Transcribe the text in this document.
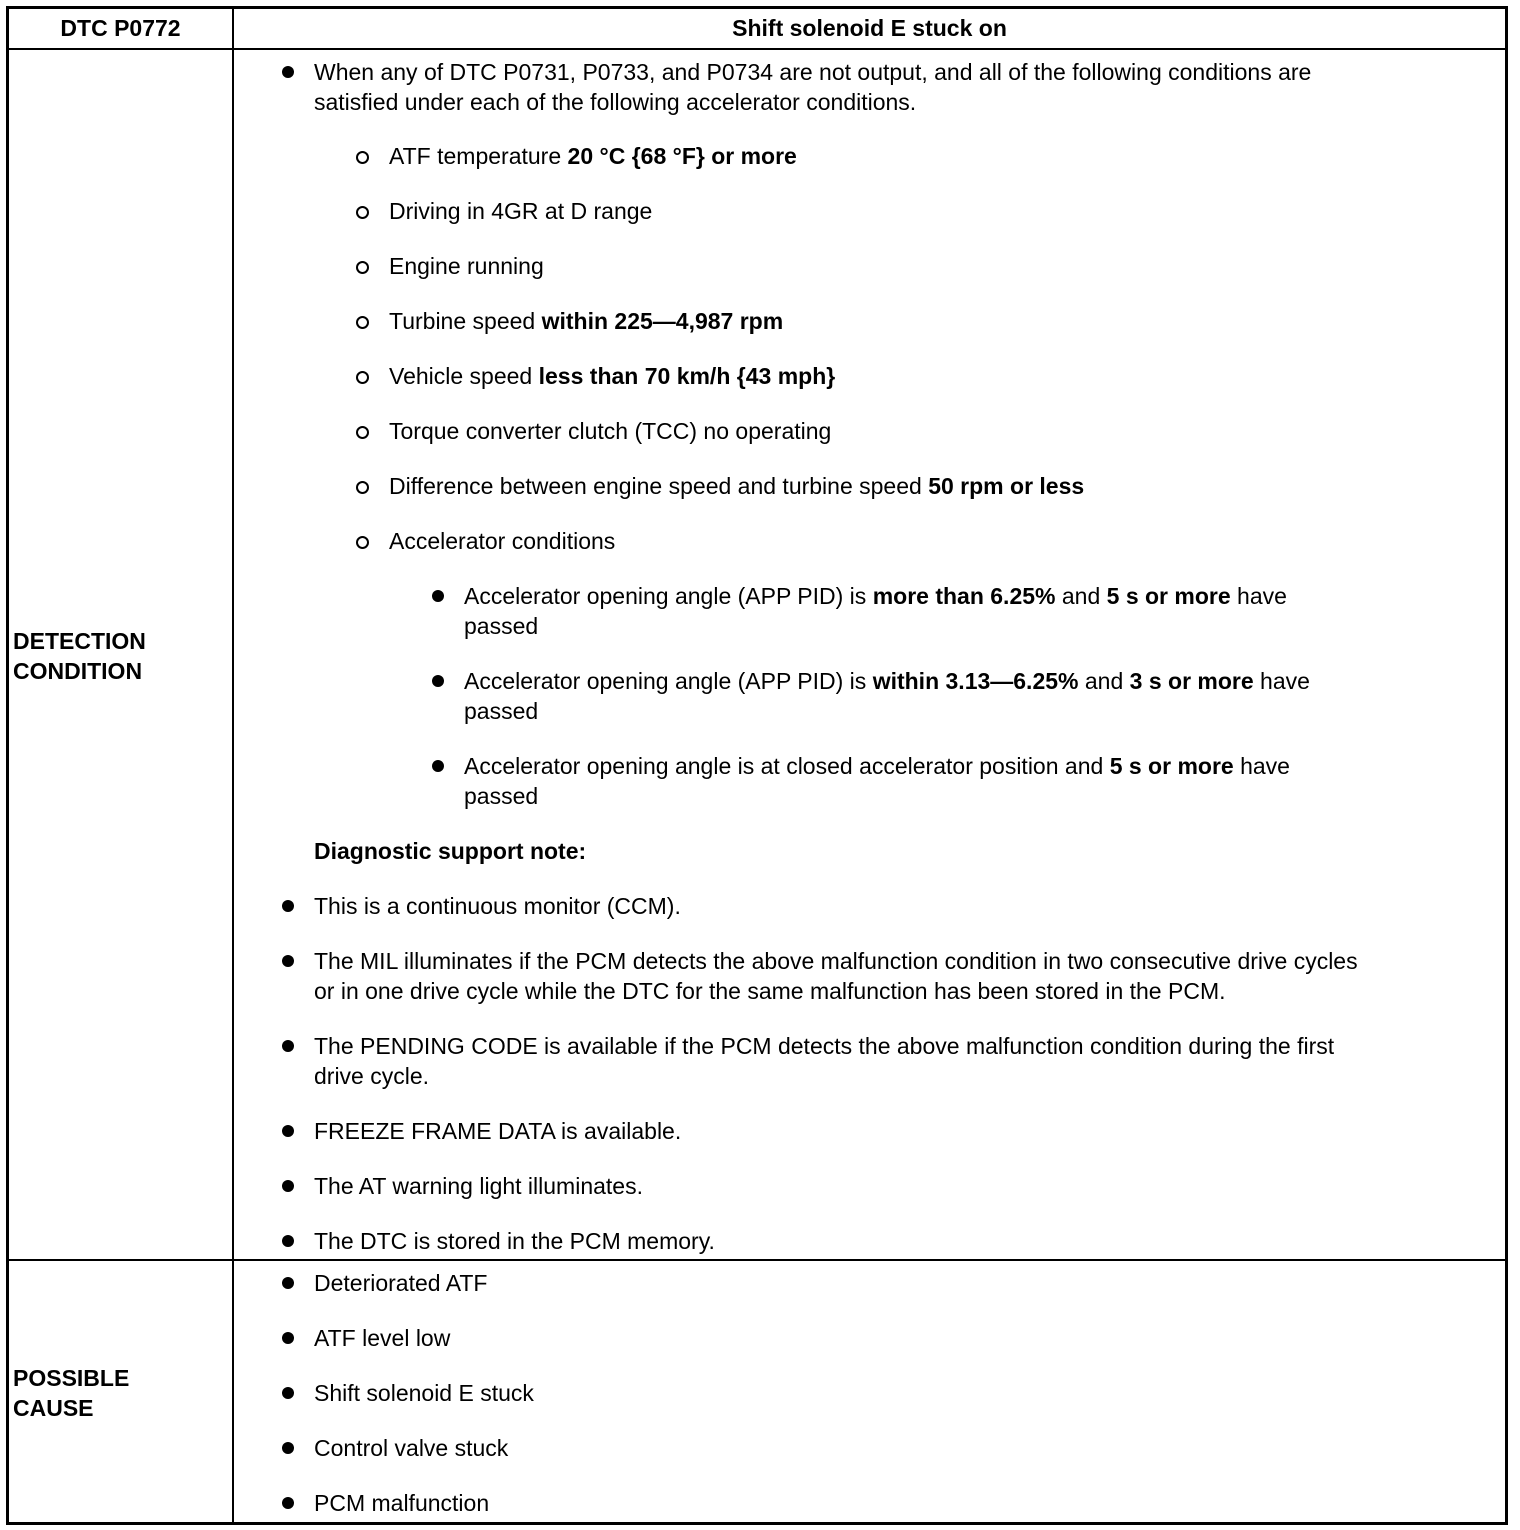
DTC P0772	Shift solenoid E stuck on
DETECTION
CONDITION
When any of DTC P0731, P0733, and P0734 are not output, and all of the following conditions are
satisfied under each of the following accelerator conditions.
ATF temperature 20 °C {68 °F} or more
Driving in 4GR at D range
Engine running
Turbine speed within 225—4,987 rpm
Vehicle speed less than 70 km/h {43 mph}
Torque converter clutch (TCC) no operating
Difference between engine speed and turbine speed 50 rpm or less
Accelerator conditions
Accelerator opening angle (APP PID) is more than 6.25% and 5 s or more have
passed
Accelerator opening angle (APP PID) is within 3.13—6.25% and 3 s or more have
passed
Accelerator opening angle is at closed accelerator position and 5 s or more have
passed
Diagnostic support note:
This is a continuous monitor (CCM).
The MIL illuminates if the PCM detects the above malfunction condition in two consecutive drive cycles
or in one drive cycle while the DTC for the same malfunction has been stored in the PCM.
The PENDING CODE is available if the PCM detects the above malfunction condition during the first
drive cycle.
FREEZE FRAME DATA is available.
The AT warning light illuminates.
The DTC is stored in the PCM memory.
POSSIBLE
CAUSE
Deteriorated ATF
ATF level low
Shift solenoid E stuck
Control valve stuck
PCM malfunction
